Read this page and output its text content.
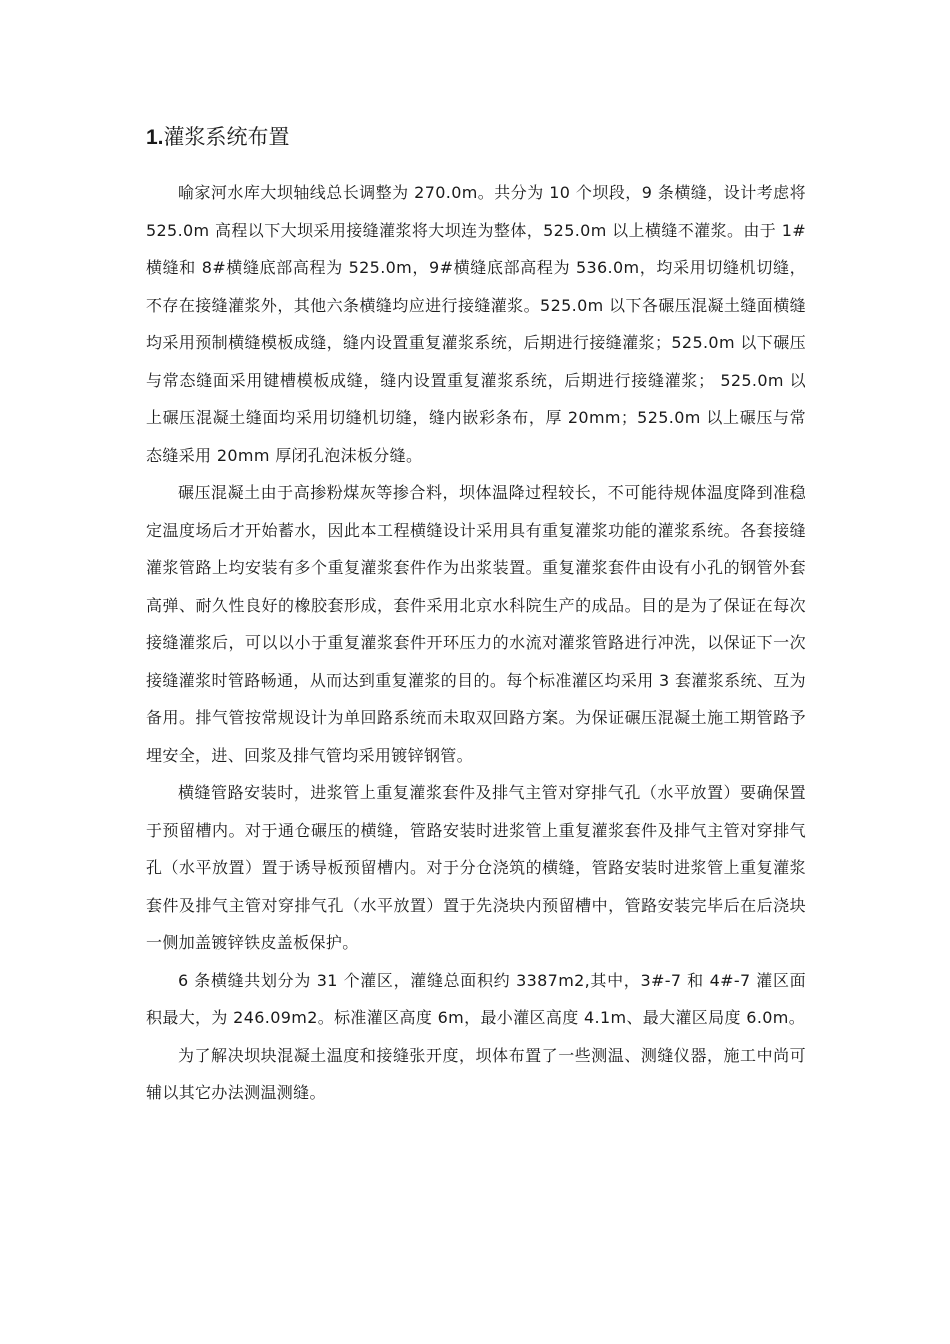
1.灌浆系统布置

喻家河水库大坝轴线总长调整为 270.0m。共分为 10 个坝段，9 条横缝，设计考虑将 525.0m 高程以下大坝采用接缝灌浆将大坝连为整体，525.0m 以上横缝不灌浆。由于 1#横缝和 8#横缝底部高程为 525.0m，9#横缝底部高程为 536.0m，均采用切缝机切缝，不存在接缝灌浆外，其他六条横缝均应进行接缝灌浆。525.0m 以下各碾压混凝土缝面横缝均采用预制横缝模板成缝，缝内设置重复灌浆系统，后期进行接缝灌浆；525.0m 以下碾压与常态缝面采用键槽模板成缝，缝内设置重复灌浆系统，后期进行接缝灌浆； 525.0m 以上碾压混凝土缝面均采用切缝机切缝，缝内嵌彩条布，厚 20mm；525.0m 以上碾压与常态缝采用 20mm 厚闭孔泡沫板分缝。

碾压混凝土由于高掺粉煤灰等掺合料，坝体温降过程较长，不可能待规体温度降到准稳定温度场后才开始蓄水，因此本工程横缝设计采用具有重复灌浆功能的灌浆系统。各套接缝灌浆管路上均安装有多个重复灌浆套件作为出浆装置。重复灌浆套件由设有小孔的钢管外套高弹、耐久性良好的橡胶套形成，套件采用北京水科院生产的成品。目的是为了保证在每次接缝灌浆后，可以以小于重复灌浆套件开环压力的水流对灌浆管路进行冲洗，以保证下一次接缝灌浆时管路畅通，从而达到重复灌浆的目的。每个标准灌区均采用 3 套灌浆系统、互为备用。排气管按常规设计为单回路系统而未取双回路方案。为保证碾压混凝土施工期管路予埋安全，进、回浆及排气管均采用镀锌钢管。

横缝管路安装时，进浆管上重复灌浆套件及排气主管对穿排气孔（水平放置）要确保置于预留槽内。对于通仓碾压的横缝，管路安装时进浆管上重复灌浆套件及排气主管对穿排气孔（水平放置）置于诱导板预留槽内。对于分仓浇筑的横缝，管路安装时进浆管上重复灌浆套件及排气主管对穿排气孔（水平放置）置于先浇块内预留槽中，管路安装完毕后在后浇块一侧加盖镀锌铁皮盖板保护。

6 条横缝共划分为 31 个灌区，灌缝总面积约 3387m2,其中，3#-7 和 4#-7 灌区面积最大，为 246.09m2。标准灌区高度 6m，最小灌区高度 4.1m、最大灌区局度 6.0m。

为了解决坝块混凝土温度和接缝张开度，坝体布置了一些测温、测缝仪器，施工中尚可辅以其它办法测温测缝。
